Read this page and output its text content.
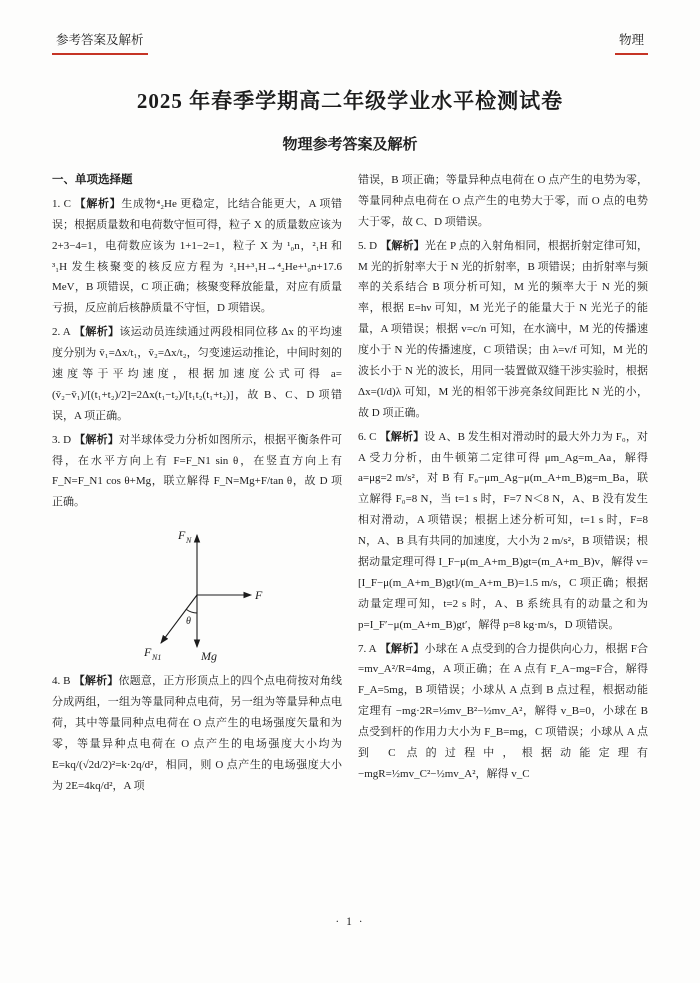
参考答案及解析	物理
2025 年春季学期高二年级学业水平检测试卷
物理参考答案及解析
一、单项选择题

1. C 【解析】生成物⁴₂He 更稳定，比结合能更大，A 项错误；根据质量数和电荷数守恒可得，粒子 X 的质量数应该为 2+3−4=1，电荷数应该为 1+1−2=1，粒子 X 为 ¹₀n，²₁H 和 ³₁H 发生核聚变的核反应方程为 ²₁H+³₁H→⁴₂He+¹₀n+17.6 MeV，B 项错误，C 项正确；核聚变释放能量，对应有质量亏损，反应前后核静质量不守恒，D 项错误。

2. A 【解析】该运动员连续通过两段相同位移 Δx 的平均速度分别为 v̄₁=Δx/t₁，v̄₂=Δx/t₂，匀变速运动推论，中间时刻的速度等于平均速度，根据加速度公式可得 a=(v̄₂−v̄₁)/[(t₁+t₂)/2]=2Δx(t₁−t₂)/[t₁t₂(t₁+t₂)]，故 B、C、D 项错误，A 项正确。

3. D 【解析】对半球体受力分析如图所示，根据平衡条件可得，在水平方向上有 F=F_N1 sin θ，在竖直方向上有 F_N=F_N1 cos θ+Mg，联立解得 F_N=Mg+F/tan θ，故 D 项正确。

F N
F
Mg
F N1
θ

4. B 【解析】依题意，正方形顶点上的四个点电荷按对角线分成两组，一组为等量同种点电荷，另一组为等量异种点电荷，其中等量同种点电荷在 O 点产生的电场强度矢量和为零，等量异种点电荷在 O 点产生的电场强度大小均为 E=kq/(√2d/2)²=k·2q/d²，相同，则 O 点产生的电场强度大小为 2E=4kq/d²，A 项

错误，B 项正确；等量异种点电荷在 O 点产生的电势为零，等量同种点电荷在 O 点产生的电势大于零，而 O 点的电势大于零，故 C、D 项错误。

5. D 【解析】光在 P 点的入射角相同，根据折射定律可知，M 光的折射率大于 N 光的折射率，B 项错误；由折射率与频率的关系结合 B 项分析可知，M 光的频率大于 N 光的频率，根据 E=hν 可知，M 光光子的能量大于 N 光光子的能量，A 项错误；根据 v=c/n 可知，在水滴中，M 光的传播速度小于 N 光的传播速度，C 项错误；由 λ=v/f 可知，M 光的波长小于 N 光的波长，用同一装置做双缝干涉实验时，根据 Δx=(l/d)λ 可知，M 光的相邻干涉亮条纹间距比 N 光的小，故 D 项正确。

6. C 【解析】设 A、B 发生相对滑动时的最大外力为 F₀，对 A 受力分析，由牛顿第二定律可得 μm_Ag=m_Aa，解得 a=μg=2 m/s²，对 B 有 F₀−μm_Ag−μ(m_A+m_B)g=m_Ba，联立解得 F₀=8 N，当 t=1 s 时，F=7 N＜8 N，A、B 没有发生相对滑动，A 项错误；根据上述分析可知，t=1 s 时，F=8 N，A、B 具有共同的加速度，大小为 2 m/s²，B 项错误；根据动量定理可得 I_F−μ(m_A+m_B)gt=(m_A+m_B)v，解得 v=[I_F−μ(m_A+m_B)gt]/(m_A+m_B)=1.5 m/s，C 项正确；根据动量定理可知，t=2 s 时，A、B 系统具有的动量之和为 p=I_F′−μ(m_A+m_B)gt′，解得 p=8 kg·m/s，D 项错误。

7. A 【解析】小球在 A 点受到的合力提供向心力，根据 F合=mv_A²/R=4mg，A 项正确；在 A 点有 F_A−mg=F合，解得 F_A=5mg，B 项错误；小球从 A 点到 B 点过程，根据动能定理有 −mg·2R=½mv_B²−½mv_A²，解得 v_B=0，小球在 B 点受到杆的作用力大小为 F_B=mg，C 项错误；小球从 A 点到 C 点的过程中，根据动能定理有 −mgR=½mv_C²−½mv_A²，解得 v_C

· 1 ·
